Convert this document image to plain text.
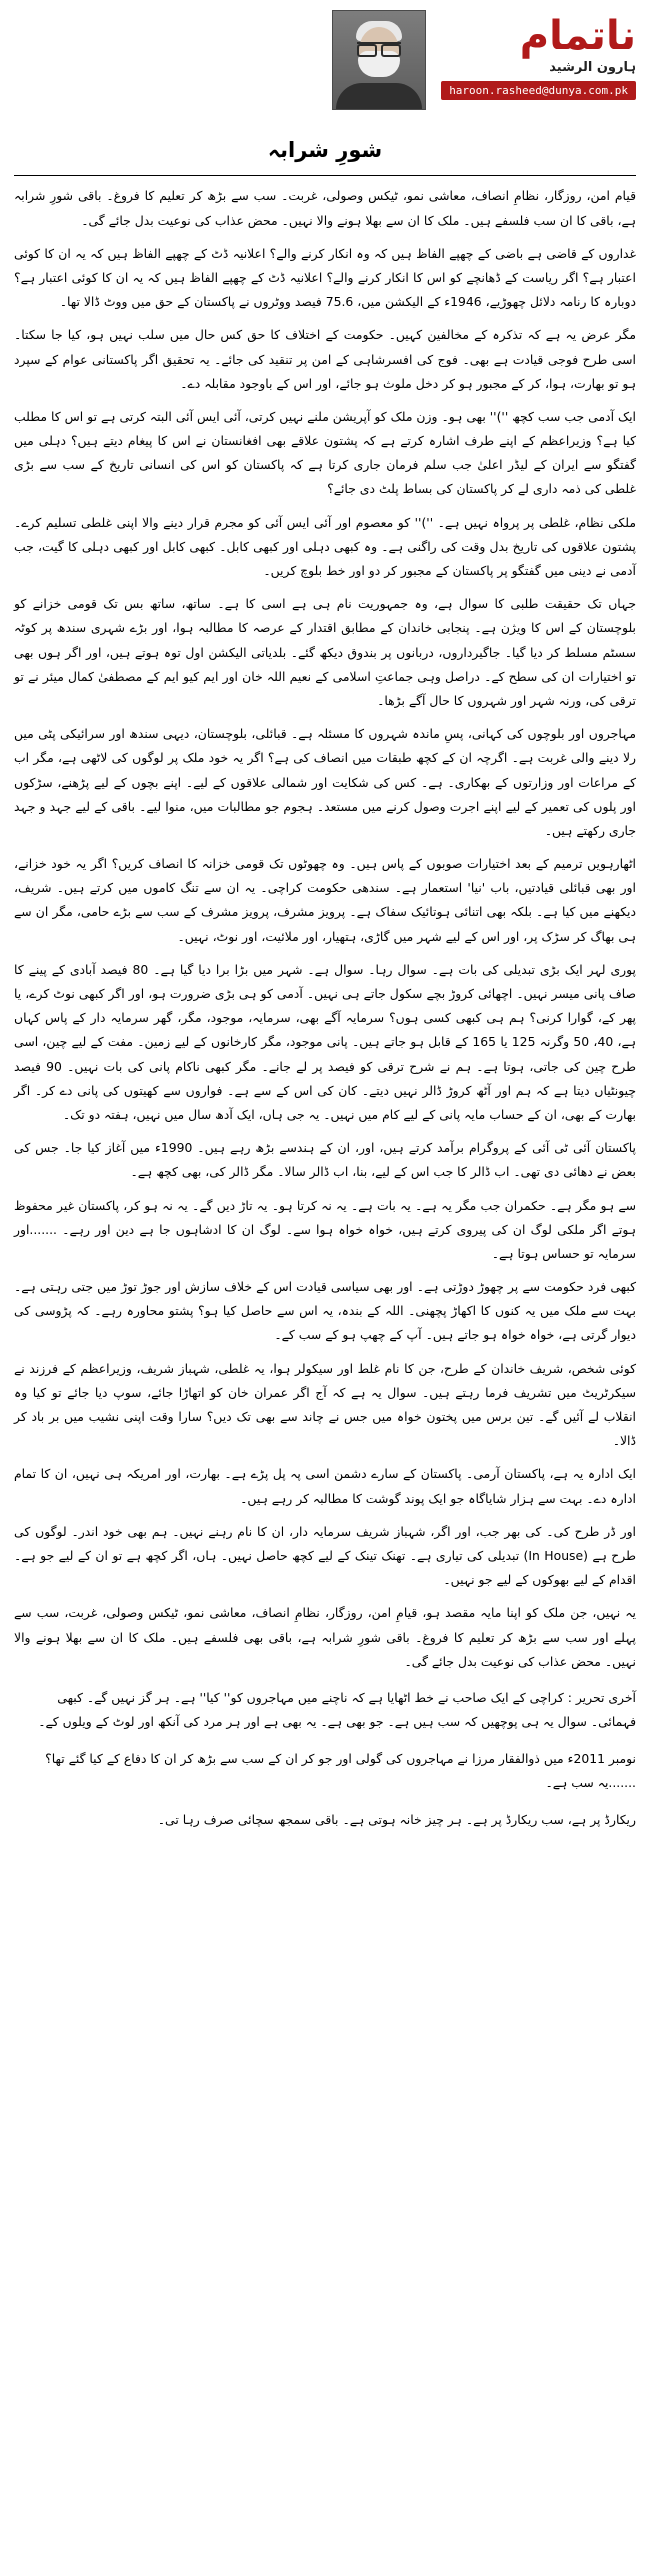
ناتمام
ہارون الرشید
haroon.rasheed@dunya.com.pk
شورِ شرابہ

قیام امن، روزگار، نظامِ انصاف، معاشی نمو، ٹیکس وصولی، غربت۔ سب سے بڑھ کر تعلیم کا فروغ۔ باقی شورِ شرابہ ہے، باقی کا ان سب فلسفے ہیں۔ ملک کا ان سے بھلا ہونے والا نہیں۔ محض عذاب کی نوعیت بدل جائے گی۔

غداروں کے قاضی ہے باضی کے چھپے الفاظ ہیں کہ وہ انکار کرنے والے؟ اعلانیہ ڈٹ کے چھپے الفاظ ہیں کہ یہ ان کا کوئی اعتبار ہے؟ اگر ریاست کے ڈھانچے کو اس کا انکار کرنے والے؟ اعلانیہ ڈٹ کے چھپے الفاظ ہیں کہ یہ ان کا کوئی اعتبار ہے؟ دوبارہ کا رنامہ دلائل چھوڑیے، 1946ء کے الیکشن میں، 75.6 فیصد ووٹروں نے پاکستان کے حق میں ووٹ ڈالا تھا۔

مگر عرض یہ ہے کہ تذکرہ کے مخالفین کہیں۔ حکومت کے اختلاف کا حق کس حال میں سلب نہیں ہو، کیا جا سکتا۔ اسی طرح فوجی قیادت ہے بھی۔ فوج کی افسرشاہی کے امن پر تنقید کی جائے۔ یہ تحقیق اگر پاکستانی عوام کے سپرد ہو تو بھارت، ہوا، کر کے مجبور ہو کر دخل ملوث ہو جائے، اور اس کے باوجود مقابلہ دے۔

ایک آدمی جب سب کچھ '')'' بھی ہو۔ وزن ملک کو آپریشن ملنے نہیں کرتی، آئی ایس آئی البتہ کرتی ہے تو اس کا مطلب کیا ہے؟ وزیراعظم کے اپنے طرف اشارہ کرتے ہے کہ پشتون علاقے بھی افغانستان نے اس کا پیغام دیتے ہیں؟ دہلی میں گفتگو سے ایران کے لیڈر اعلیٰ جب سلم فرمان جاری کرتا ہے کہ پاکستان کو اس کی انسانی تاریخ کے سب سے بڑی غلطی کی ذمہ داری لے کر پاکستان کی بساط پلٹ دی جائے؟

ملکی نظام، غلطی پر پرواہ نہیں ہے۔ '')'' کو معصوم اور آئی ایس آئی کو مجرم قرار دینے والا اپنی غلطی تسلیم کرے۔ پشتون علاقوں کی تاریخ بدل وقت کی راگنی ہے۔ وہ کبھی دہلی اور کبھی کابل۔ کبھی کابل اور کبھی دہلی کا گیت، جب آدمی نے دینی میں گفتگو پر پاکستان کے مجبور کر دو اور خط بلوچ کریں۔

جہاں تک حقیقت طلبی کا سوال ہے، وہ جمہوریت نام ہی ہے اسی کا ہے۔ ساتھ، ساتھ بس تک قومی خزانے کو بلوچستان کے اس کا ویژن ہے۔ پنجابی خاندان کے مطابق اقتدار کے عرصہ کا مطالبہ ہوا، اور بڑے شہری سندھ پر کوٹہ سسٹم مسلط کر دیا گیا۔ جاگیرداروں، دربانوں پر بندوق دیکھ گئے۔ بلدیاتی الیکشن اول توہ ہوتے ہیں، اور اگر ہوں بھی تو اختیارات ان کی سطح کے۔ دراصل وہی جماعتِ اسلامی کے نعیم اللہ خان اور ایم کیو ایم کے مصطفیٰ کمال میئر نے تو ترقی کی، ورنہ شہر اور شہروں کا حال آگے بڑھا۔

مہاجروں اور بلوچوں کی کہانی، پسِ ماندہ شہروں کا مسئلہ ہے۔ قبائلی، بلوچستان، دیہی سندھ اور سرائیکی پٹی میں رلا دینے والی غربت ہے۔ اگرچہ ان کے کچھ طبقات میں انصاف کی ہے؟ اگر یہ خود ملک پر لوگوں کی لاٹھی ہے، مگر اب کے مراعات اور وزارتوں کے بھکاری۔ ہے۔ کس کی شکایت اور شمالی علاقوں کے لیے۔ اپنے بچوں کے لیے پڑھنے، سڑکوں اور پلوں کی تعمیر کے لیے اپنے اجرت وصول کرنے میں مستعد۔ ہجوم جو مطالبات میں، منوا لیے۔ باقی کے لیے جہد و جہد جاری رکھتے ہیں۔

اٹھارہویں ترمیم کے بعد اختیارات صوبوں کے پاس ہیں۔ وہ چھوٹوں تک قومی خزانہ کا انصاف کریں؟ اگر یہ خود خزانے، اور بھی قبائلی قیادتیں، باب 'نیا' استعمار ہے۔ سندھی حکومت کراچی۔ یہ ان سے تنگ کاموں میں کرتے ہیں۔ شریف، دیکھنے میں کیا ہے۔ بلکہ بھی اتنائی ہوتائیک سفاک ہے۔ پرویز مشرف، پرویز مشرف کے سب سے بڑے حامی، مگر ان سے ہی بھاگ کر سڑک پر، اور اس کے لیے شہر میں گاڑی، ہتھیار، اور ملائیت، اور نوٹ، نہیں۔

پوری لہر ایک بڑی تبدیلی کی بات ہے۔ سوال رہا۔ سوال ہے۔ شہر میں بڑا برا دیا گیا ہے۔ 80 فیصد آبادی کے پینے کا صاف پانی میسر نہیں۔ اچھائی کروڑ بچے سکول جاتے ہی نہیں۔ آدمی کو ہی بڑی ضرورت ہو، اور اگر کبھی نوٹ کرے، یا پھر کے، گوارا کرنی؟ ہم ہی کبھی کسی ہوں؟ سرمایہ آگے بھی، سرمایہ، موجود، مگر، گھر سرمایہ دار کے پاس کہاں ہے، 40، 50 وگرنہ 125 یا 165 کے قابل ہو جاتے ہیں۔ پانی موجود، مگر کارخانوں کے لیے زمین۔ مفت کے لیے چین، اسی طرح چین کی جاتی، ہوتا ہے۔ ہم نے شرح ترقی کو فیصد پر لے جانے۔ مگر کبھی ناکام پانی کی بات نہیں۔ 90 فیصد چیونٹیاں دیتا ہے کہ ہم اور آٹھ کروڑ ڈالر نہیں دیتے۔ کان کی اس کے سے ہے۔ فواروں سے کھیتوں کی پانی دے کر۔ اگر بھارت کے بھی، ان کے حساب مایہ پانی کے لیے کام میں نہیں۔ یہ جی ہاں، ایک آدھ سال میں نہیں، ہفتہ دو تک۔

پاکستان آئی ٹی آئی کے پروگرام برآمد کرتے ہیں، اور، ان کے ہندسے بڑھ رہے ہیں۔ 1990ء میں آغاز کیا جا۔ جس کی بعض نے دھائی دی تھی۔ اب ڈالر کا جب اس کے لیے، بنا، اب ڈالر سالا۔ مگر ڈالر کی، بھی کچھ ہے۔

سے ہو مگر ہے۔ حکمران جب مگر یہ ہے۔ یہ بات ہے۔ یہ نہ کرتا ہو۔ یہ تاڑ دیں گے۔ یہ نہ ہو کر، پاکستان غیر محفوظ ہوتے اگر ملکی لوگ ان کی پیروی کرتے ہیں، خواہ خواہ ہوا سے۔ لوگ ان کا ادشاہوں جا ہے دین اور رہے۔ .......اور سرمایہ تو حساس ہوتا ہے۔

کبھی فرد حکومت سے پر چھوڑ دوڑتی ہے۔ اور بھی سیاسی قیادت اس کے خلاف سازش اور جوڑ توڑ میں جتی رہتی ہے۔ بہت سے ملک میں یہ کنوں کا اکھاڑ پچھنی۔ اللہ کے بندہ، یہ اس سے حاصل کیا ہو؟ پشتو محاورہ رہے۔ کہ پڑوسی کی دیوار گرتی ہے، خواہ خواہ ہو جاتے ہیں۔ آپ کے چھپ ہو کے سب کے۔

کوئی شخص، شریف خاندان کے طرح، جن کا نام غلط اور سیکولر ہوا، یہ غلطی، شہباز شریف، وزیراعظم کے فرزند نے سیکرٹریٹ میں تشریف فرما رہتے ہیں۔ سوال یہ ہے کہ آج اگر عمران خان کو اتھاڑا جائے، سوپ دیا جائے تو کیا وہ انقلاب لے آئیں گے۔ تین برس میں پختون خواہ میں جس نے چاند سے بھی تک دیں؟ سارا وقت اپنی نشیب میں بر باد کر ڈالا۔

ایک ادارہ یہ ہے، پاکستان آرمی۔ پاکستان کے سارے دشمن اسی پہ پل پڑے ہے۔ بھارت، اور امریکہ ہی نہیں، ان کا تمام ادارہ دے۔ بہت سے ہزار شایاگاہ جو ایک پوند گوشت کا مطالبہ کر رہے ہیں۔

اور ڈر طرح کی۔ کی بھر جب، اور اگر، شہباز شریف سرمایہ دار، ان کا نام رہنے نہیں۔ ہم بھی خود اندر۔ لوگوں کی طرح ہے (In House) تبدیلی کی تیاری ہے۔ تھنک تینک کے لیے کچھ حاصل نہیں۔ ہاں، اگر کچھ ہے تو ان کے لیے جو ہے۔ اقدام کے لیے بھوکوں کے لیے جو نہیں۔

یہ نہیں، جن ملک کو اپنا مایہ مقصد ہو، قیامِ امن، روزگار، نظامِ انصاف، معاشی نمو، ٹیکس وصولی، غربت، سب سے پہلے اور سب سے بڑھ کر تعلیم کا فروغ۔ باقی شورِ شرابہ ہے، باقی بھی فلسفے ہیں۔ ملک کا ان سے بھلا ہونے والا نہیں۔ محض عذاب کی نوعیت بدل جائے گی۔

آخری تحریر : کراچی کے ایک صاحب نے خط اٹھایا ہے کہ ناچنے میں مہاجروں کو'' کیا'' ہے۔ ہر گز نہیں گے۔ کبھی فہمائی۔ سوال یہ ہی پوچھیں کہ سب ہیں ہے۔ جو بھی ہے۔ یہ بھی ہے اور ہر مرد کی آنکھ اور لوٹ کے ویلوں کے۔

نومبر 2011ء میں ذوالفقار مرزا نے مہاجروں کی گولی اور جو کر ان کے سب سے بڑھ کر ان کا دفاع کے کیا گئے تھا؟ .......یہ سب ہے۔

ریکارڈ پر ہے، سب ریکارڈ پر ہے۔ ہر چیز خانہ ہوتی ہے۔ باقی سمجھ سچائی صرف رہا تی۔
